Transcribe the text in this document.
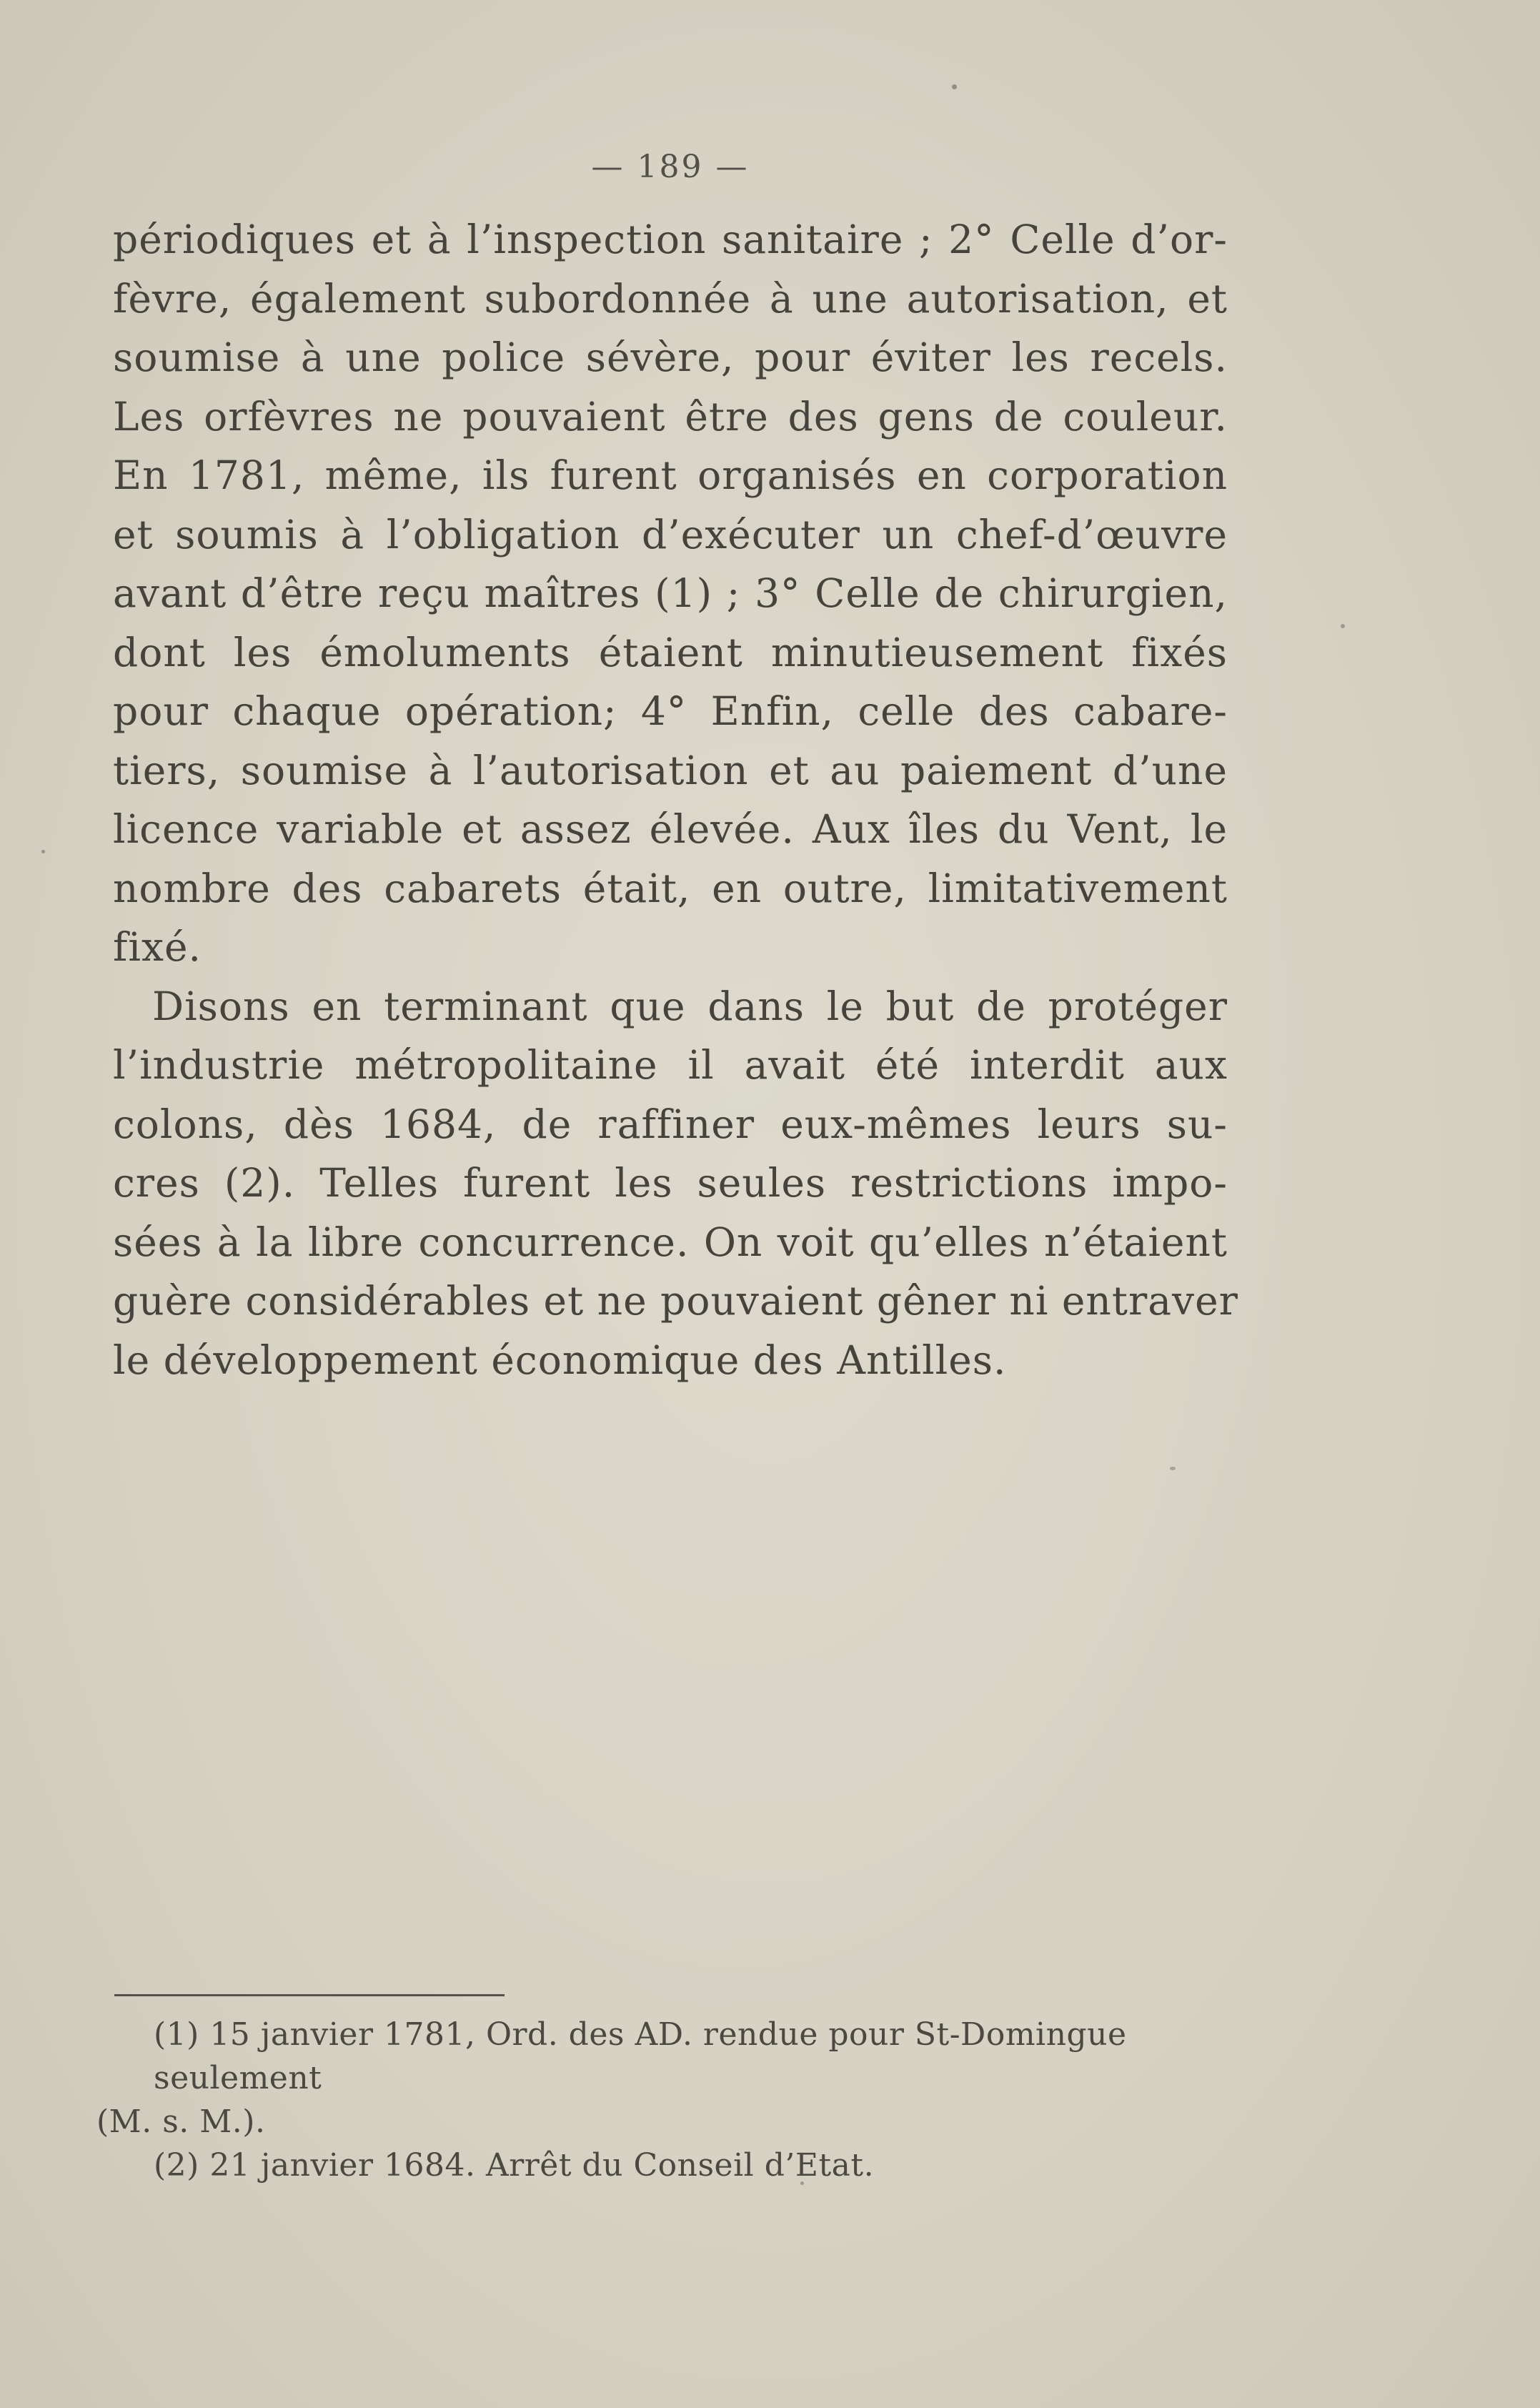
— 189 —
périodiques et à l’inspection sanitaire ; 2° Celle d’or-
fèvre, également subordonnée à une autorisation, et
soumise à une police sévère, pour éviter les recels.
Les orfèvres ne pouvaient être des gens de couleur.
En 1781, même, ils furent organisés en corporation
et soumis à l’obligation d’exécuter un chef-d’œuvre
avant d’être reçu maîtres (1) ; 3° Celle de chirurgien,
dont les émoluments étaient minutieusement fixés
pour chaque opération; 4° Enfin, celle des cabare-
tiers, soumise à l’autorisation et au paiement d’une
licence variable et assez élevée. Aux îles du Vent, le
nombre des cabarets était, en outre, limitativement
fixé.
Disons en terminant que dans le but de protéger
l’industrie métropolitaine il avait été interdit aux
colons, dès 1684, de raffiner eux-mêmes leurs su-
cres (2). Telles furent les seules restrictions impo-
sées à la libre concurrence. On voit qu’elles n’étaient
guère considérables et ne pouvaient gêner ni entraver
le développement économique des Antilles.
(1) 15 janvier 1781, Ord. des AD. rendue pour St-Domingue seulement
(M. s. M.).
(2) 21 janvier 1684. Arrêt du Conseil d’Etat.
